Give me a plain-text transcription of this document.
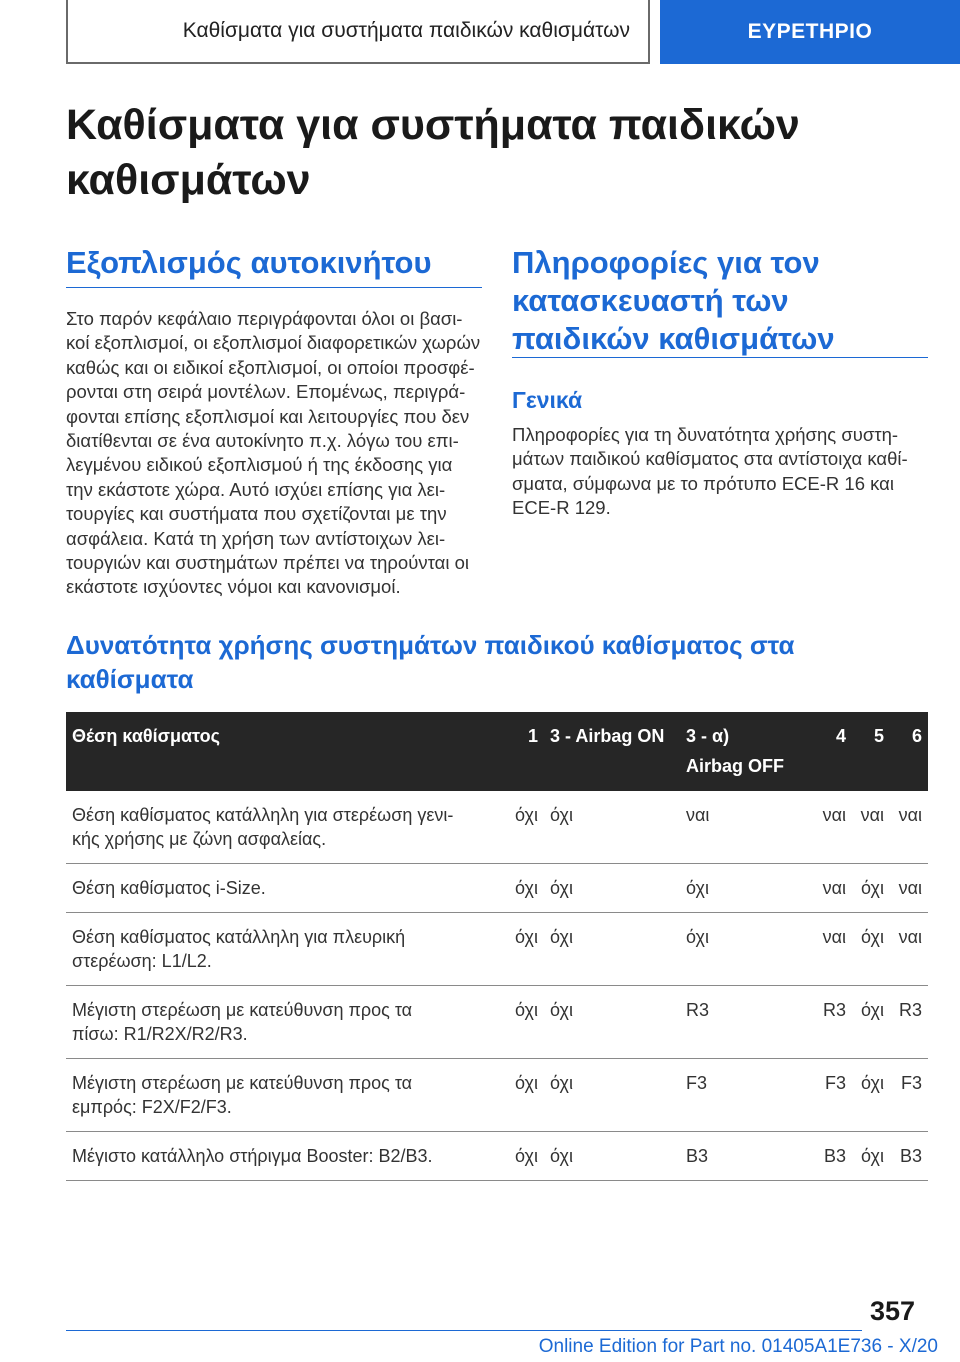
Καθίσματα για συστήματα παιδικών καθισμάτων	ΕΥΡΕΤΗΡΙΟ
Καθίσματα για συστήματα παιδικών
καθισμάτων
Εξοπλισμός αυτοκινήτου
Στο παρόν κεφάλαιο περιγράφονται όλοι οι βασι-
κοί εξοπλισμοί, οι εξοπλισμοί διαφορετικών χωρών
καθώς και οι ειδικοί εξοπλισμοί, οι οποίοι προσφέ-
ρονται στη σειρά μοντέλων. Επομένως, περιγρά-
φονται επίσης εξοπλισμοί και λειτουργίες που δεν
διατίθενται σε ένα αυτοκίνητο π.χ. λόγω του επι-
λεγμένου ειδικού εξοπλισμού ή της έκδοσης για
την εκάστοτε χώρα. Αυτό ισχύει επίσης για λει-
τουργίες και συστήματα που σχετίζονται με την
ασφάλεια. Κατά τη χρήση των αντίστοιχων λει-
τουργιών και συστημάτων πρέπει να τηρούνται οι
εκάστοτε ισχύοντες νόμοι και κανονισμοί.
Πληροφορίες για τον
κατασκευαστή των
παιδικών καθισμάτων
Γενικά
Πληροφορίες για τη δυνατότητα χρήσης συστη-
μάτων παιδικού καθίσματος στα αντίστοιχα καθί-
σματα, σύμφωνα με το πρότυπο ECE-R 16 και
ECE-R 129.
Δυνατότητα χρήσης συστημάτων παιδικού καθίσματος στα
καθίσματα
Θέση καθίσματος	1	3 - Airbag ON	3 - α)
Airbag OFF	4	5	6

Θέση καθίσματος κατάλληλη για στερέωση γενι-
κής χρήσης με ζώνη ασφαλείας.	όχι	όχι	ναι	ναι	ναι	ναι

Θέση καθίσματος i-Size.	όχι	όχι	όχι	ναι	όχι	ναι

Θέση καθίσματος κατάλληλη για πλευρική
στερέωση: L1/L2.	όχι	όχι	όχι	ναι	όχι	ναι

Μέγιστη στερέωση με κατεύθυνση προς τα
πίσω: R1/R2X/R2/R3.	όχι	όχι	R3	R3	όχι	R3

Μέγιστη στερέωση με κατεύθυνση προς τα
εμπρός: F2X/F2/F3.	όχι	όχι	F3	F3	όχι	F3

Μέγιστο κατάλληλο στήριγμα Booster: B2/B3.	όχι	όχι	B3	B3	όχι	B3
357
Online Edition for Part no. 01405A1E736 - X/20
